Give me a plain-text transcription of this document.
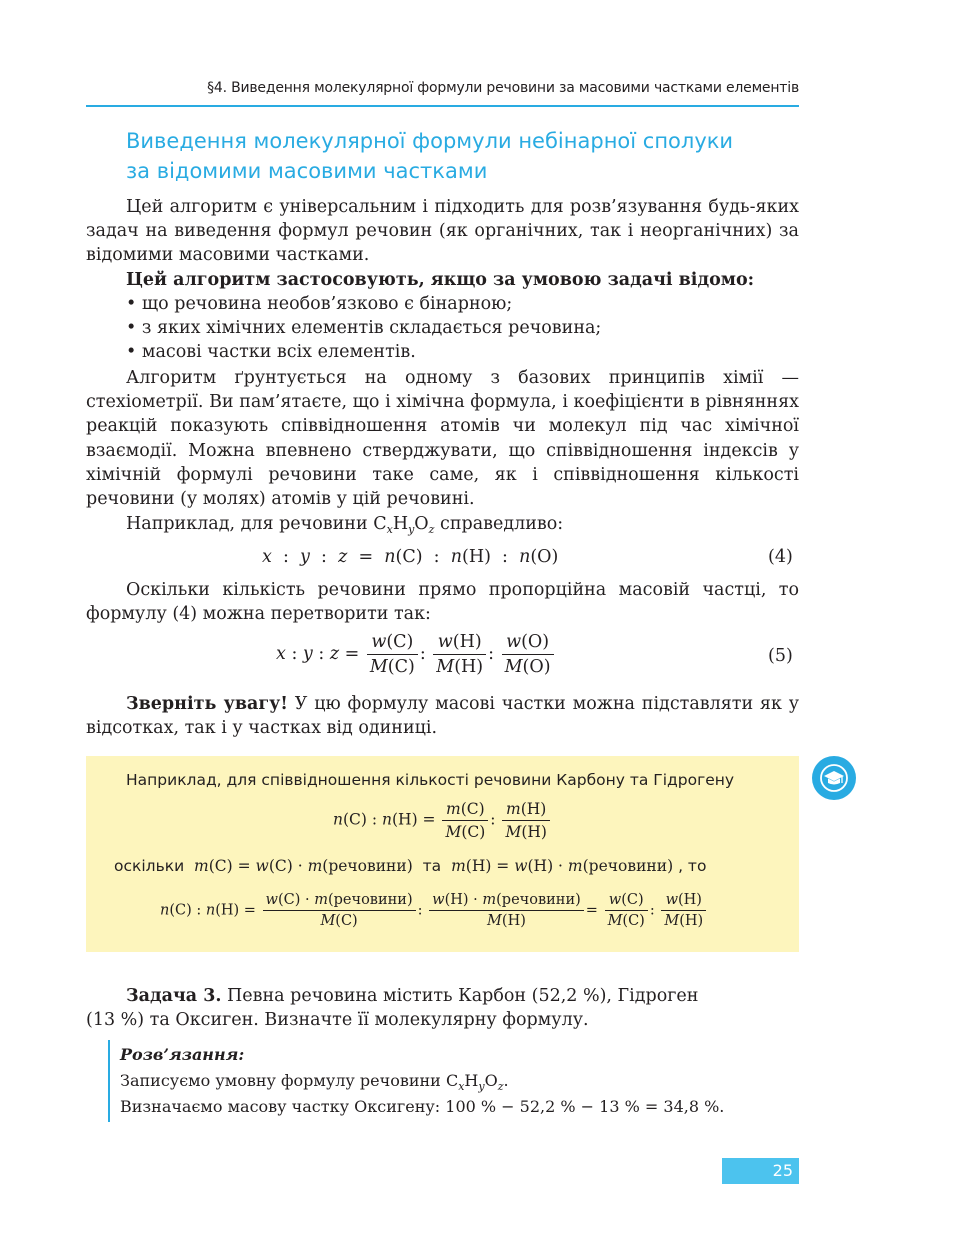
§4. Виведення молекулярної формули речовини за масовими частками елементів
Виведення молекулярної формули небінарної сполуки
за відомими масовими частками
Цей алгоритм є універсальним і підходить для розв’язування будь-яких задач на виведення формул речовин (як органічних, так і неорганічних) за відомими масовими частками.
Цей алгоритм застосовують, якщо за умовою задачі відомо:
• що речовина необов’язково є бінарною;
• з яких хімічних елементів складається речовина;
• масові частки всіх елементів.
Алгоритм ґрунтується на одному з базових принципів хімії — стехіометрії. Ви пам’ятаєте, що і хімічна формула, і коефіцієнти в рівняннях реакцій показують співвідношення атомів чи молекул під час хімічної взаємодії. Можна впевнено стверджувати, що співвідношення індексів у хімічній формулі речовини таке саме, як і співвідношення кількості речовини (у молях) атомів у цій речовині.
Наприклад, для речовини $C_xH_yO_z$ справедливо:
x  :  y  :  z  =  n(C)  :  n(H)  :  n(O)	(4)
Оскільки кількість речовини прямо пропорційна масовій частці, то формулу (4) можна перетворити так:
x : y : $z = \frac{w(C)}{M(C)}$ : $\frac{w(H)}{M(H)}$ : $\frac{w(O)}{M(O)}$	(5)
Зверніть увагу! У цю формулу масові частки можна підставляти як у відсотках, так і у частках від одиниці.
Наприклад, для співвідношення кількості речовини Карбону та Гідрогену
n(C) : $n(H) = \frac{m(C)}{M(C)}$ : $\frac{m(H)}{M(H)}$
оскільки m(C) = w(C) · m(речовини)  та m(H) = w(H) · m(речовини) , то
n(C) : $n(H) = \frac{\text{w(C) · m(речовини)}}{M(C)}$ : $\frac{\text{w(H) · m(речовини)}}{M(H)} = \frac{w(C)}{M(C)}$ : $\frac{w(H)}{M(H)}$
Задача 3. Певна речовина містить Карбон (52,2 %), Гідроген
(13 %) та Оксиген. Визначте її молекулярну формулу.
Розв’язання:
Записуємо умовну формулу речовини $C_xH_yO_z$.
Визначаємо масову частку Оксигену: 100 % − 52,2 % − 13 % = 34,8 %.
25
